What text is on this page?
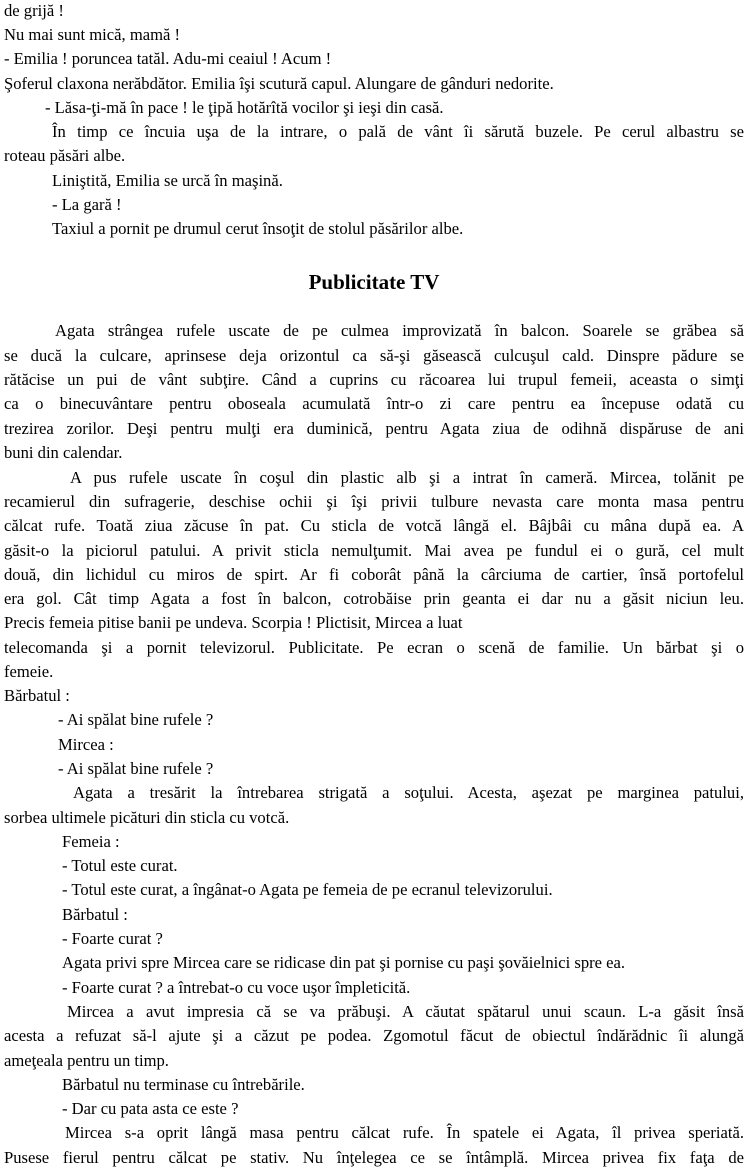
de grijă !

Nu mai sunt mică, mamă !

- Emilia ! poruncea tatăl. Adu-mi ceaiul ! Acum !

Şoferul claxona nerăbdător. Emilia îşi scutură capul. Alungare de gânduri nedorite.

- Lăsa-ţi-mă în pace ! le ţipă hotărîtă vocilor şi ieşi din casă.

În timp ce încuia uşa de la intrare, o pală de vânt îi sărută buzele. Pe cerul albastru se

roteau păsări albe.

Liniştită, Emilia se urcă în maşină.

- La gară !

Taxiul a pornit pe drumul cerut însoţit de stolul păsărilor albe.

Publicitate TV

Agata strângea rufele uscate de pe culmea improvizată în balcon. Soarele se grăbea să

se ducă la culcare, aprinsese deja orizontul ca să-şi găsească culcuşul cald. Dinspre pădure se

rătăcise un pui de vânt subţire. Când a cuprins cu răcoarea lui trupul femeii, aceasta o simţi

ca o binecuvântare pentru oboseala acumulată într-o zi care pentru ea începuse odată cu

trezirea zorilor. Deşi pentru mulţi era duminică, pentru Agata ziua de odihnă dispăruse de ani

buni din calendar.

A pus rufele uscate în coşul din plastic alb şi a intrat în cameră. Mircea, tolănit pe

recamierul din sufragerie, deschise ochii şi îşi privii tulbure nevasta care monta masa pentru

călcat rufe. Toată ziua zăcuse în pat. Cu sticla de votcă lângă el. Bâjbâi cu mâna după ea. A

găsit-o la piciorul patului. A privit sticla nemulţumit. Mai avea pe fundul ei o gură, cel mult

două, din lichidul cu miros de spirt. Ar fi coborât până la cârciuma de cartier, însă portofelul

era gol. Cât timp Agata a fost în balcon, cotrobăise prin geanta ei dar nu a găsit niciun leu.

Precis femeia pitise banii pe undeva. Scorpia ! Plictisit, Mircea a luat

telecomanda şi a pornit televizorul. Publicitate. Pe ecran o scenă de familie. Un bărbat şi o

femeie.

Bărbatul :

- Ai spălat bine rufele ?

Mircea :

- Ai spălat bine rufele ?

Agata a tresărit la întrebarea strigată a soţului. Acesta, aşezat pe marginea patului,

sorbea ultimele picături din sticla cu votcă.

Femeia :

- Totul este curat.

- Totul este curat, a îngânat-o Agata pe femeia de pe ecranul televizorului.

Bărbatul :

- Foarte curat ?

Agata privi spre Mircea care se ridicase din pat şi pornise cu paşi şovăielnici spre ea.

- Foarte curat ? a întrebat-o cu voce uşor împleticită.

Mircea a avut impresia că se va prăbuşi. A căutat spătarul unui scaun. L-a găsit însă

acesta a refuzat să-l ajute şi a căzut pe podea. Zgomotul făcut de obiectul îndărădnic îi alungă

ameţeala pentru un timp.

Bărbatul nu terminase cu întrebările.

- Dar cu pata asta ce este ?

Mircea s-a oprit lângă masa pentru călcat rufe. În spatele ei Agata, îl privea speriată.

Pusese fierul pentru călcat pe stativ. Nu înţelegea ce se întâmplă. Mircea privea fix faţa de
